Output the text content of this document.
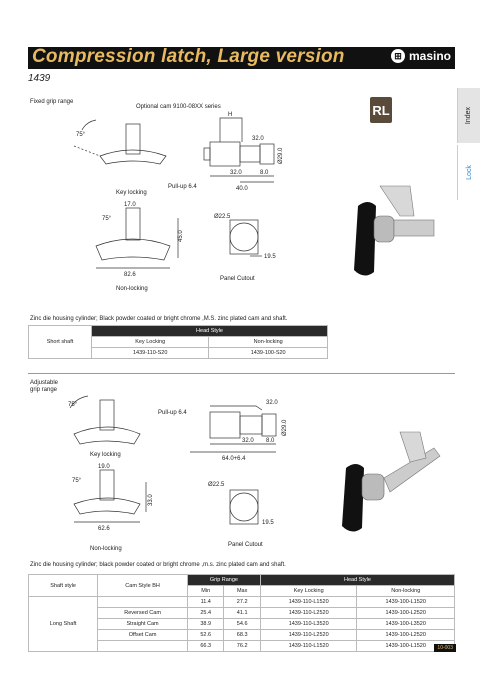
Compression latch, Large version	⊞ masino
1439
Index
Lock
RL
Fixed grip range
Optional cam 9100-08XX series
75°
H
32.0
Ø29.0
32.0	8.0
40.0
Pull-up 6.4
Key locking
17.0
75°
45.0
82.6
Non-locking
Ø22.5
19.5
Panel Cutout
Zinc die housing cylinder; Black powder coated or bright chrome ,M.S. zinc plated cam and shaft.
Short shaft	Head Style	
	Key Locking	Non-locking
	1439-110-S20	1439-100-S20
Adjustable
grip range
75°
Pull-up 6.4
32.0
Ø29.0
32.0 8.0
64.0+6.4
Key locking
19.0
75°
33.0
62.6
Non-locking
Ø22.5
19.5
Panel Cutout
Zinc die housing cylinder; black powder coated or bright chrome ,m.s. zinc plated cam and shaft.
Shaft style	Cam Style BH	Grip Range		Head Style	
		Min	Max	Key Locking	Non-locking
Long Shaft		11.4	27.2	1439-110-L1520	1439-100-L1520
	Reversed Cam	25.4	41.1	1439-110-L2520	1439-100-L2520
	Straight Cam	38.9	54.6	1439-110-L3520	1439-100-L3520
	Offset Cam	52.6	68.3	1439-110-L2520	1439-100-L2520
		66.3	76.2	1439-110-L1520	1439-100-L1520	10-003
